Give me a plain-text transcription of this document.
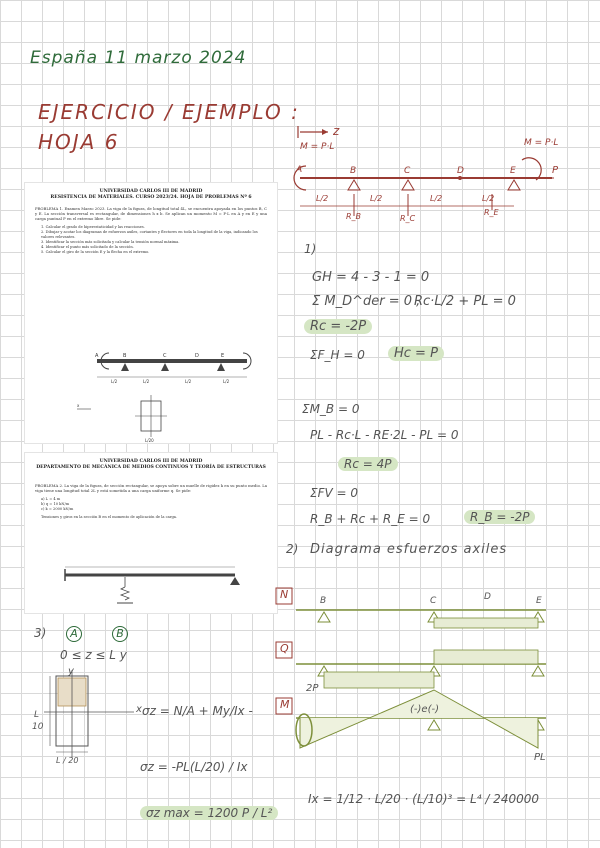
España 11 marzo 2024
EJERCICIO / EJEMPLO :
HOJA 6
UNIVERSIDAD CARLOS III DE MADRID
RESISTENCIA DE MATERIALES. CURSO 2023/24. HOJA DE PROBLEMAS Nº 6
PROBLEMA 1. Examen Marzo 2023. La viga de la figura, de longitud total 4L, se encuentra apoyada en los puntos B, C y E. La sección transversal es rectangular, de dimensiones h x b. Se aplican un momento M = P·L en A y en E y una carga puntual P en el extremo libre. Se pide:
1. Calcular el grado de hiperestaticidad y las reacciones.
2. Dibujar y acotar los diagramas de esfuerzos axiles, cortantes y flectores en toda la longitud de la viga, indicando los valores relevantes.
3. Identificar la sección más solicitada y calcular la tensión normal máxima.
4. Identificar el punto más solicitado de la sección.
5. Calcular el giro de la sección E y la flecha en el extremo.
A	B	C	D	E
L/2	L/2	L/2	L/2
L/20
x
UNIVERSIDAD CARLOS III DE MADRID
DEPARTAMENTO DE MECÁNICA DE MEDIOS CONTINUOS Y TEORÍA DE ESTRUCTURAS
PROBLEMA 2. La viga de la figura, de sección rectangular, se apoya sobre un muelle de rigidez k en su punto medio. La viga tiene una longitud total 2L y está sometida a una carga uniforme q. Se pide:
a) L = 4 m
b) q = 10 kN/m
c) k = 2000 kN/m
Tensiones y giros en la sección B en el momento de aplicación de la carga.
z
M = P·L	M = P·L
P
A	B	C	D	E
L/2	L/2	L/2	L/2
R_B	R_C
R_E
1)
GH = 4 - 3 - 1 = 0
Σ M_D^der = 0 ,
Rc·L/2 + PL = 0
Rc = -2P
ΣF_H = 0	Hc = P
ΣM_B = 0
PL - Rc·L - RE·2L - PL = 0
Rc = 4P
ΣFV = 0
R_B + Rc + R_E = 0	R_B = -2P
2) Diagrama esfuerzos axiles
N
Q
M
B	C	D	E
2P
(-)e(-)
PL
Ix = 1/12 · L/20 · (L/10)³ = L⁴ / 240000
3)	A	B
0 ≤ z ≤ L y
y
x
L
10
L / 20
σz = N/A + My/Ix -
σz = -PL(L/20) / Ix
σz max = 1200 P / L²
